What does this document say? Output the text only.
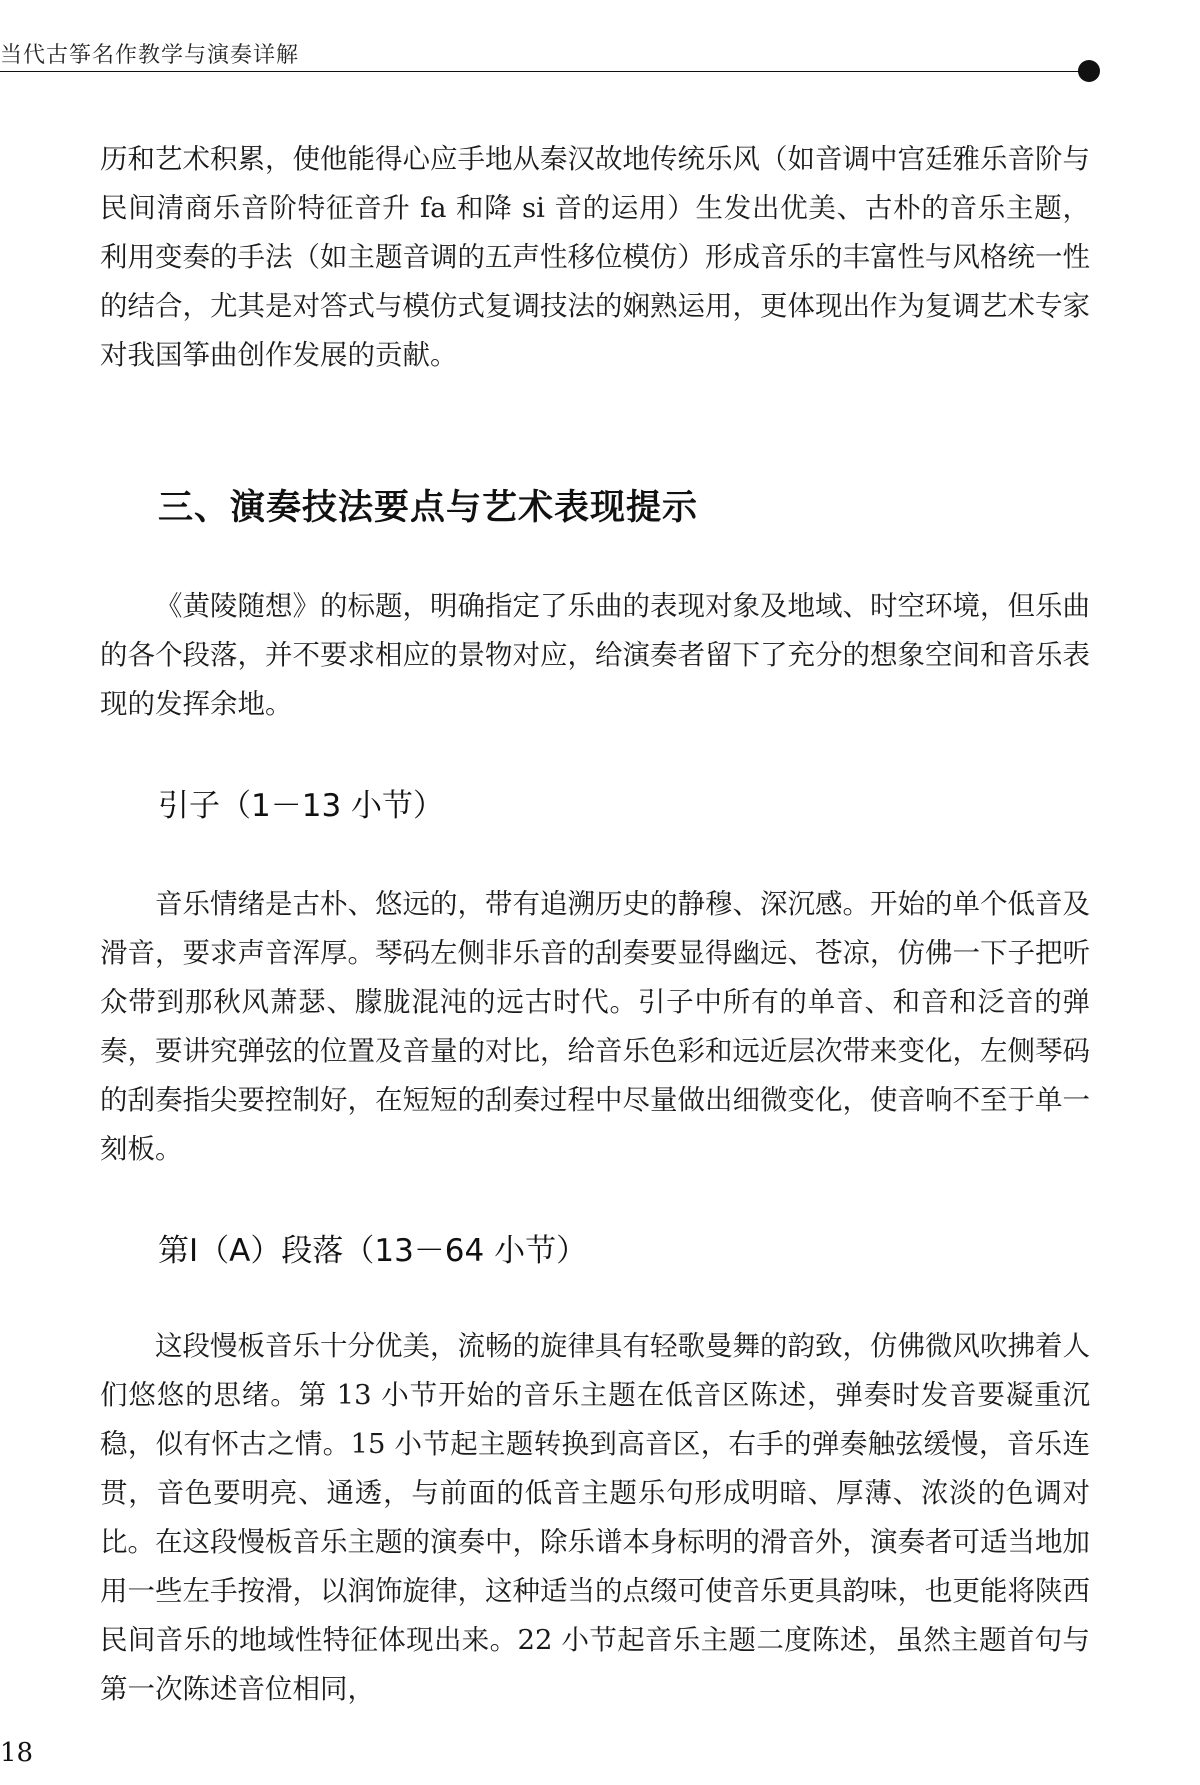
当代古筝名作教学与演奏详解

历和艺术积累，使他能得心应手地从秦汉故地传统乐风（如音调中宫廷雅乐音阶与民间清商乐音阶特征音升 fa 和降 si 音的运用）生发出优美、古朴的音乐主题，利用变奏的手法（如主题音调的五声性移位模仿）形成音乐的丰富性与风格统一性的结合，尤其是对答式与模仿式复调技法的娴熟运用，更体现出作为复调艺术专家对我国筝曲创作发展的贡献。

三、演奏技法要点与艺术表现提示

《黄陵随想》的标题，明确指定了乐曲的表现对象及地域、时空环境，但乐曲的各个段落，并不要求相应的景物对应，给演奏者留下了充分的想象空间和音乐表现的发挥余地。

引子（1－13 小节）

音乐情绪是古朴、悠远的，带有追溯历史的静穆、深沉感。开始的单个低音及滑音，要求声音浑厚。琴码左侧非乐音的刮奏要显得幽远、苍凉，仿佛一下子把听众带到那秋风萧瑟、朦胧混沌的远古时代。引子中所有的单音、和音和泛音的弹奏，要讲究弹弦的位置及音量的对比，给音乐色彩和远近层次带来变化，左侧琴码的刮奏指尖要控制好，在短短的刮奏过程中尽量做出细微变化，使音响不至于单一刻板。

第Ⅰ（A）段落（13－64 小节）

这段慢板音乐十分优美，流畅的旋律具有轻歌曼舞的韵致，仿佛微风吹拂着人们悠悠的思绪。第 13 小节开始的音乐主题在低音区陈述，弹奏时发音要凝重沉稳，似有怀古之情。15 小节起主题转换到高音区，右手的弹奏触弦缓慢，音乐连贯，音色要明亮、通透，与前面的低音主题乐句形成明暗、厚薄、浓淡的色调对比。在这段慢板音乐主题的演奏中，除乐谱本身标明的滑音外，演奏者可适当地加用一些左手按滑，以润饰旋律，这种适当的点缀可使音乐更具韵味，也更能将陕西民间音乐的地域性特征体现出来。22 小节起音乐主题二度陈述，虽然主题首句与第一次陈述音位相同，

18
